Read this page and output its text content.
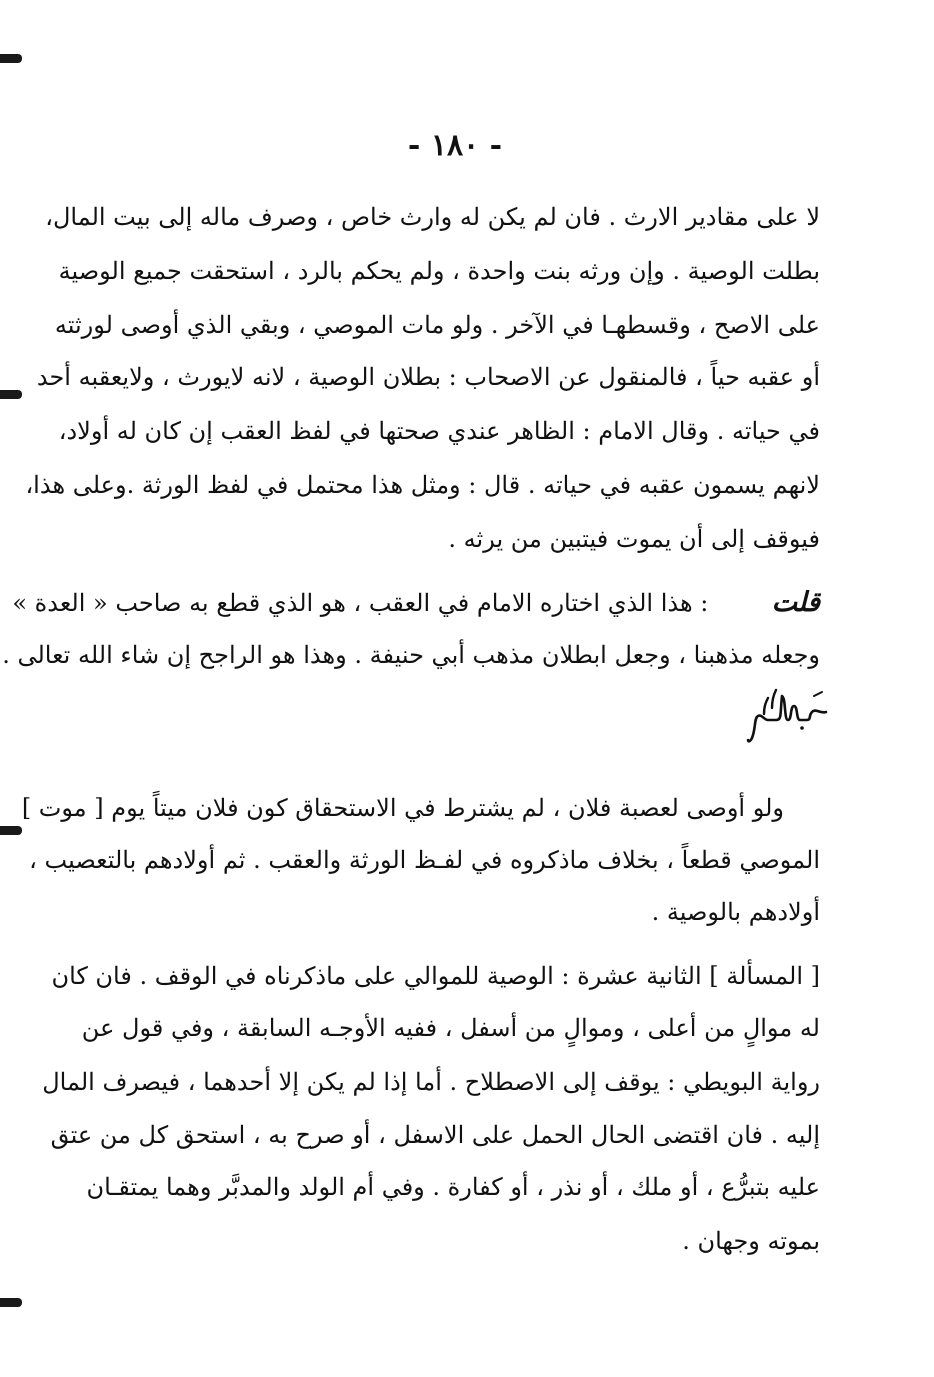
- ١٨٠ -
لا على مقادير الارث . فان لم يكن له وارث خاص ، وصرف ماله إلى بيت المال،
بطلت الوصية . وإن ورثه بنت واحدة ، ولم يحكم بالرد ، استحقت جميع الوصية
على الاصح ، وقسطهـا في الآخر . ولو مات الموصي ، وبقي الذي أوصى لورثته
أو عقبه حياً ، فالمنقول عن الاصحاب : بطلان الوصية ، لانه لايورث ، ولايعقبه أحد
في حياته . وقال الامام : الظاهر عندي صحتها في لفظ العقب إن كان له أولاد،
لانهم يسمون عقبه في حياته . قال : ومثل هذا محتمل في لفظ الورثة .وعلى هذا،
فيوقف إلى أن يموت فيتبين من يرثه .
قلت    : هذا الذي اختاره الامام في العقب ، هو الذي قطع به صاحب « العدة »
وجعله مذهبنا ، وجعل ابطلان مذهب أبي حنيفة . وهذا هو الراجح إن شاء الله تعالى .
ولو أوصى لعصبة فلان ، لم يشترط في الاستحقاق كون فلان ميتاً يوم [ موت ]
الموصي قطعاً ، بخلاف ماذكروه في لفـظ الورثة والعقب . ثم أولادهم بالتعصيب ،
أولادهم بالوصية .
[ المسألة ] الثانية عشرة : الوصية للموالي على ماذكرناه في الوقف . فان كان
له موالٍ من أعلى ، وموالٍ من أسفل ، ففيه الأوجـه السابقة ، وفي قول عن
رواية البويطي : يوقف إلى الاصطلاح . أما إذا لم يكن إلا أحدهما ، فيصرف المال
إليه . فان اقتضى الحال الحمل على الاسفل ، أو صرح به ، استحق كل من عتق
عليه بتبرُّع ، أو ملك ، أو نذر ، أو كفارة . وفي أم الولد والمدبَّر وهما يمتقـان
بموته وجهان .
